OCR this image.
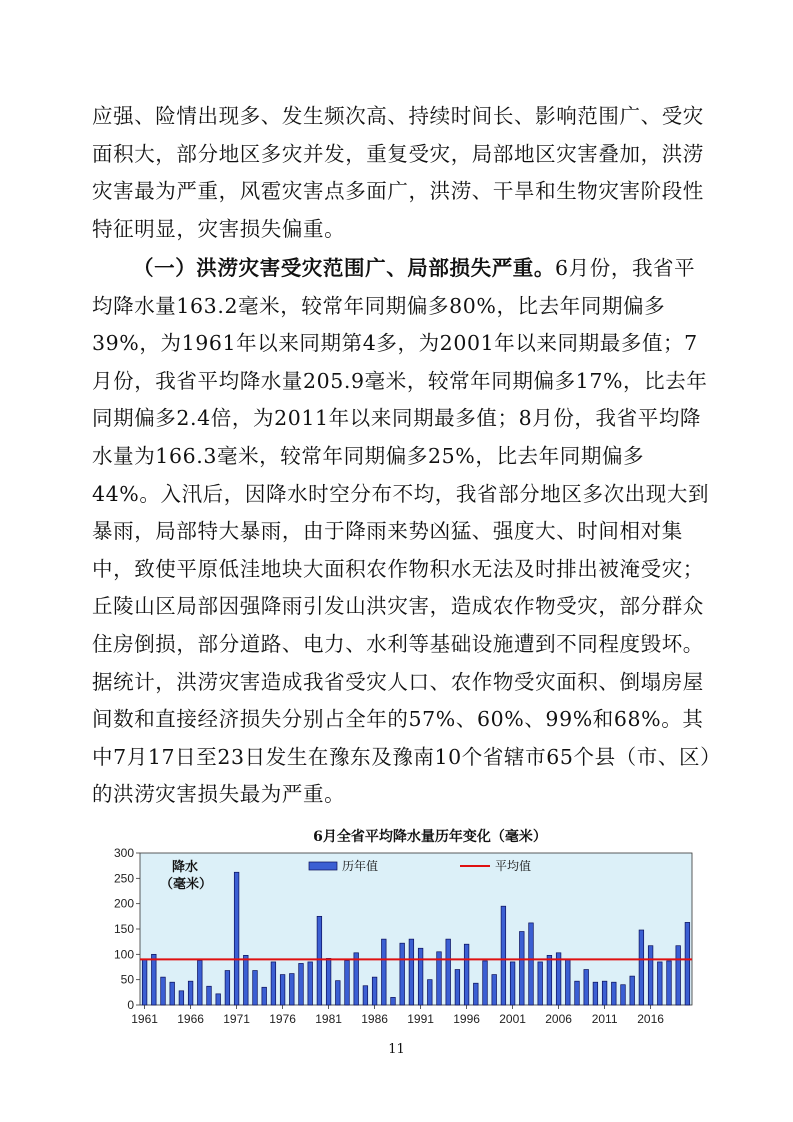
应强、险情出现多、发生频次高、持续时间长、影响范围广、受灾面积大，部分地区多灾并发，重复受灾，局部地区灾害叠加，洪涝灾害最为严重，风雹灾害点多面广，洪涝、干旱和生物灾害阶段性特征明显，灾害损失偏重。

（一）洪涝灾害受灾范围广、局部损失严重。6月份，我省平均降水量163.2毫米，较常年同期偏多80%，比去年同期偏多39%，为1961年以来同期第4多，为2001年以来同期最多值；7月份，我省平均降水量205.9毫米，较常年同期偏多17%，比去年同期偏多2.4倍，为2011年以来同期最多值；8月份，我省平均降水量为166.3毫米，较常年同期偏多25%，比去年同期偏多44%。入汛后，因降水时空分布不均，我省部分地区多次出现大到暴雨，局部特大暴雨，由于降雨来势凶猛、强度大、时间相对集中，致使平原低洼地块大面积农作物积水无法及时排出被淹受灾；丘陵山区局部因强降雨引发山洪灾害，造成农作物受灾，部分群众住房倒损，部分道路、电力、水利等基础设施遭到不同程度毁坏。据统计，洪涝灾害造成我省受灾人口、农作物受灾面积、倒塌房屋间数和直接经济损失分别占全年的57%、60%、99%和68%。其中7月17日至23日发生在豫东及豫南10个省辖市65个县（市、区）的洪涝灾害损失最为严重。

6月全省平均降水量历年变化（毫米）
0
50
100
150
200
250
300
1961 1966 1971 1976 1981 1986 1991 1996 2001 2006 2011 2016
降水
（毫米）
历年值	平均值
11
